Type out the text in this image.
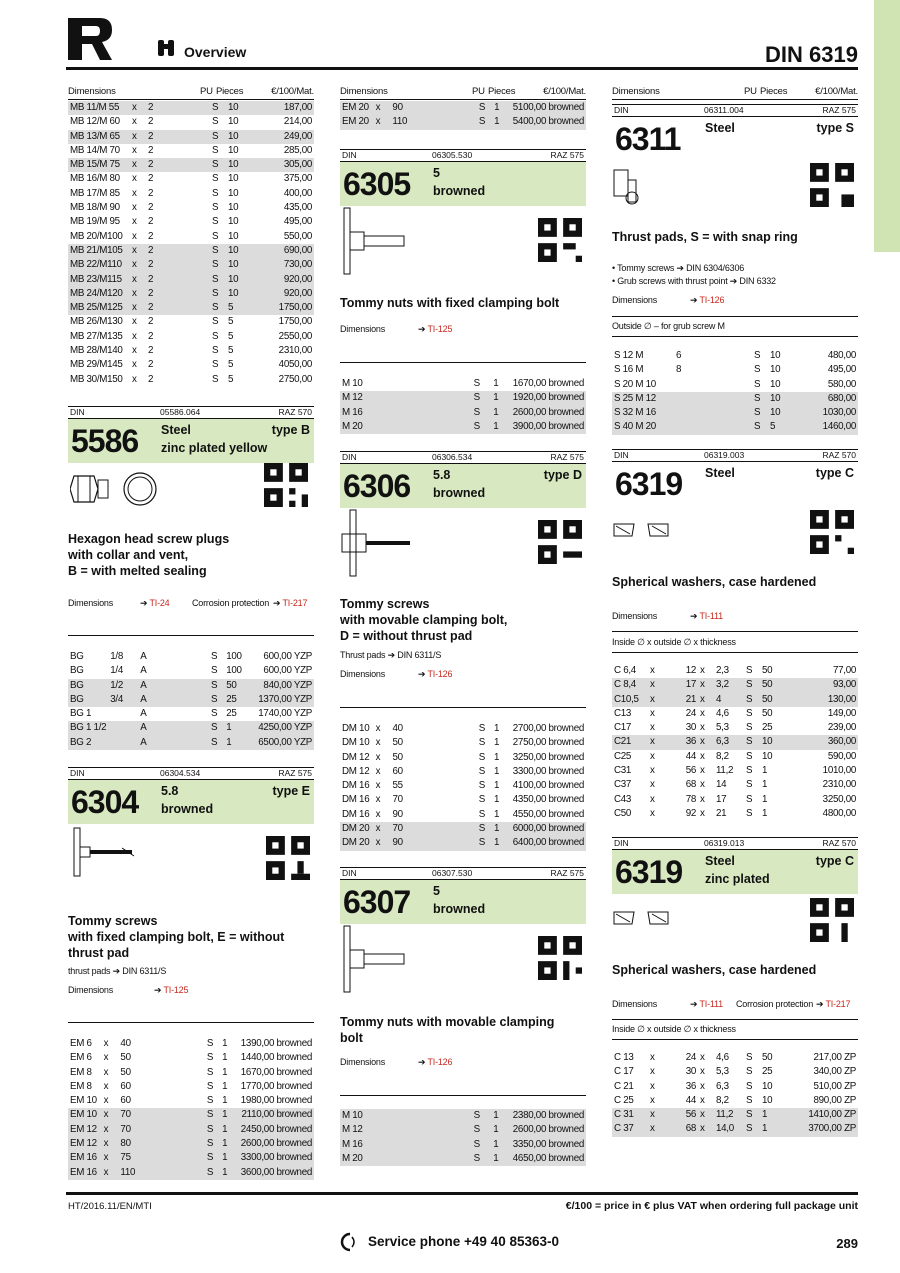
Overview	DIN 6319
Dimensions	PU Pieces	€/100/Mat.
MB 11/M 55	x	2	S	10	187,00
MB 12/M 60	x	2	S	10	214,00
MB 13/M 65	x	2	S	10	249,00
MB 14/M 70	x	2	S	10	285,00
MB 15/M 75	x	2	S	10	305,00
MB 16/M 80	x	2	S	10	375,00
MB 17/M 85	x	2	S	10	400,00
MB 18/M 90	x	2	S	10	435,00
MB 19/M 95	x	2	S	10	495,00
MB 20/M100	x	2	S	10	550,00
MB 21/M105	x	2	S	10	690,00
MB 22/M110	x	2	S	10	730,00
MB 23/M115	x	2	S	10	920,00
MB 24/M120	x	2	S	10	920,00
MB 25/M125	x	2	S	5	1750,00
MB 26/M130	x	2	S	5	1750,00
MB 27/M135	x	2	S	5	2550,00
MB 28/M140	x	2	S	5	2310,00
MB 29/M145	x	2	S	5	4050,00
MB 30/M150	x	2	S	5	2750,00
DIN	05586.064	RAZ 570
5586 Steel	type B
zinc plated yellow
Hexagon head screw plugs
with collar and vent,
B = with melted sealing
Dimensions	➔ TI-24	Corrosion protection ➔ TI-217
BG	1/8	A	S	100	600,00 YZP
BG	1/4	A	S	100	600,00 YZP
BG	1/2	A	S	50	840,00 YZP
BG	3/4	A	S	25	1370,00 YZP
BG 1		A	S	25	1740,00 YZP
BG 1 1/2		A	S	1	4250,00 YZP
BG 2		A	S	1	6500,00 YZP
DIN	06304.534	RAZ 575
6304 5.8	type E
browned
Tommy screws
with fixed clamping bolt, E = without
thrust pad
thrust pads ➔ DIN 6311/S
Dimensions	➔ TI-125
EM 6	x	40	S	1	1390,00 browned
EM 6	x	50	S	1	1440,00 browned
EM 8	x	50	S	1	1670,00 browned
EM 8	x	60	S	1	1770,00 browned
EM 10	x	60	S	1	1980,00 browned
EM 10	x	70	S	1	2110,00 browned
EM 12	x	70	S	1	2450,00 browned
EM 12	x	80	S	1	2600,00 browned
EM 16	x	75	S	1	3300,00 browned
EM 16	x	110	S	1	3600,00 browned
Dimensions	PU Pieces	€/100/Mat.
EM 20	x	90	S	1	5100,00 browned
EM 20	x	110	S	1	5400,00 browned
DIN	06305.530	RAZ 575
6305 5
browned
Tommy nuts with fixed clamping bolt
Dimensions	➔ TI-125
M 10	S	1	1670,00 browned
M 12	S	1	1920,00 browned
M 16	S	1	2600,00 browned
M 20	S	1	3900,00 browned
DIN	06306.534	RAZ 575
6306 5.8	type D
browned
Tommy screws
with movable clamping bolt,
D = without thrust pad
Thrust pads ➔ DIN 6311/S
Dimensions	➔ TI-126
DM 10	x	40	S	1	2700,00 browned
DM 10	x	50	S	1	2750,00 browned
DM 12	x	50	S	1	3250,00 browned
DM 12	x	60	S	1	3300,00 browned
DM 16	x	55	S	1	4100,00 browned
DM 16	x	70	S	1	4350,00 browned
DM 16	x	90	S	1	4550,00 browned
DM 20	x	70	S	1	6000,00 browned
DM 20	x	90	S	1	6400,00 browned
DIN	06307.530	RAZ 575
6307 5
browned
Tommy nuts with movable clamping
bolt
Dimensions	➔ TI-126
M 10	S	1	2380,00 browned
M 12	S	1	2600,00 browned
M 16	S	1	3350,00 browned
M 20	S	1	4650,00 browned
Dimensions	PU Pieces	€/100/Mat.
DIN	06311.004	RAZ 575
6311 Steel	type S
Thrust pads, S = with snap ring
• Tommy screws ➔ DIN 6304/6306
• Grub screws with thrust point ➔ DIN 6332
Dimensions	➔ TI-126
Outside ∅ – for grub screw M
S 12 M	6	S	10	480,00
S 16 M	8	S	10	495,00
S 20 M 10		S	10	580,00
S 25 M 12		S	10	680,00
S 32 M 16		S	10	1030,00
S 40 M 20		S	5	1460,00
DIN	06319.003	RAZ 570
6319 Steel	type C
Spherical washers, case hardened
Dimensions	➔ TI-111
Inside ∅ x outside ∅ x thickness
C 6,4	x	12	x	2,3	S	50	77,00
C 8,4	x	17	x	3,2	S	50	93,00
C10,5	x	21	x	4	S	50	130,00
C13	x	24	x	4,6	S	50	149,00
C17	x	30	x	5,3	S	25	239,00
C21	x	36	x	6,3	S	10	360,00
C25	x	44	x	8,2	S	10	590,00
C31	x	56	x	11,2	S	1	1010,00
C37	x	68	x	14	S	1	2310,00
C43	x	78	x	17	S	1	3250,00
C50	x	92	x	21	S	1	4800,00
DIN	06319.013	RAZ 570
6319 Steel	type C
zinc plated
Spherical washers, case hardened
Dimensions	➔ TI-111 Corrosion protection ➔ TI-217
Inside ∅ x outside ∅ x thickness
C 13	x	24	x	4,6	S	50	217,00 ZP
C 17	x	30	x	5,3	S	25	340,00 ZP
C 21	x	36	x	6,3	S	10	510,00 ZP
C 25	x	44	x	8,2	S	10	890,00 ZP
C 31	x	56	x	11,2	S	1	1410,00 ZP
C 37	x	68	x	14,0	S	1	3700,00 ZP
HT/2016.11/EN/MTI	€/100 = price in € plus VAT when ordering full package unit
Service phone +49 40 85363-0	289
